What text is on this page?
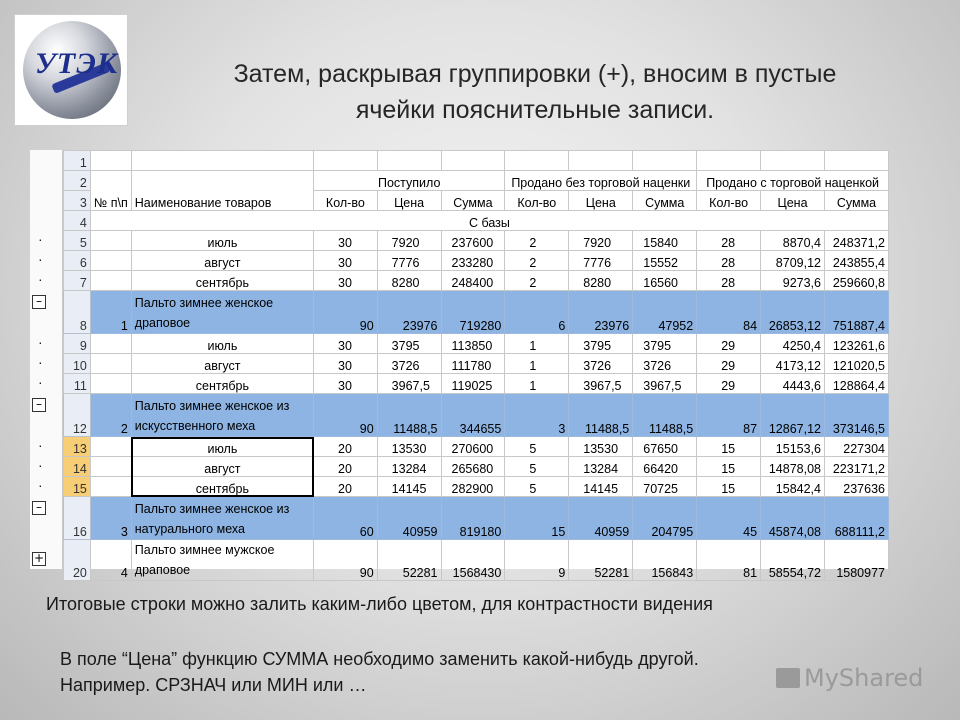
УТЭК	Затем, раскрывая группировки (+), вносим в пустые
ячейки пояснительные записи.
·
·
·
–
·
·
·
–
·
·
·
–
+
1											
2	№ п\п	Наименование товаров	Поступило			Продано без торговой наценки			Продано с торговой наценкой		
3			Кол-во	Цена	Сумма	Кол-во	Цена	Сумма	Кол-во	Цена	Сумма
4	С базы										
5		июль	30	7920	237600	2	7920	15840	28	8870,4	248371,2
6		август	30	7776	233280	2	7776	15552	28	8709,12	243855,4
7		сентябрь	30	8280	248400	2	8280	16560	28	9273,6	259660,8
8	1	Пальто зимнее женское
драповое	90	23976	719280	6	23976	47952	84	26853,12	751887,4
9		июль	30	3795	113850	1	3795	3795	29	4250,4	123261,6
10		август	30	3726	111780	1	3726	3726	29	4173,12	121020,5
11		сентябрь	30	3967,5	119025	1	3967,5	3967,5	29	4443,6	128864,4
12	2	Пальто зимнее женское из
искусственного меха	90	11488,5	344655	3	11488,5	11488,5	87	12867,12	373146,5
13		июль	20	13530	270600	5	13530	67650	15	15153,6	227304
14		август	20	13284	265680	5	13284	66420	15	14878,08	223171,2
15		сентябрь	20	14145	282900	5	14145	70725	15	15842,4	237636
16	3	Пальто зимнее женское из
натурального меха	60	40959	819180	15	40959	204795	45	45874,08	688111,2
20	4	Пальто зимнее мужское
драповое	90	52281	1568430	9	52281	156843	81	58554,72	1580977
Итоговые строки можно залить каким-либо цветом, для контрастности видения
В поле “Цена” функцию СУММА необходимо заменить какой-нибудь другой.
Например. СРЗНАЧ или МИН или …	MyShared
